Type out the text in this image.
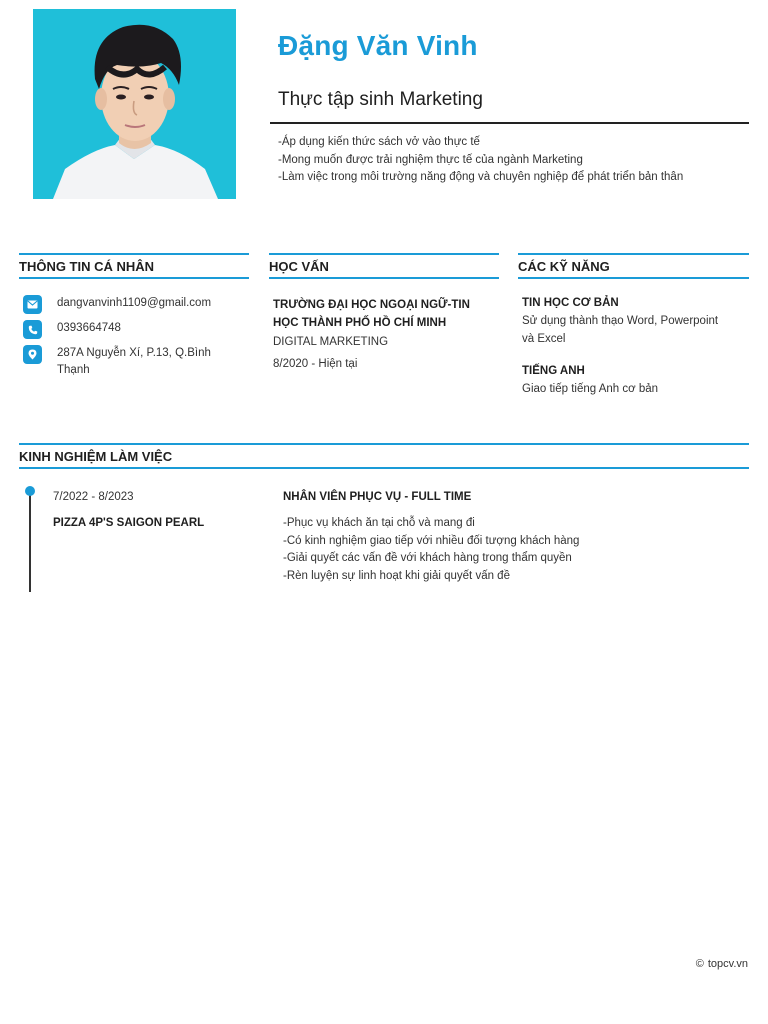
Đặng Văn Vinh
Thực tập sinh Marketing
-Áp dụng kiến thức sách vở vào thực tế
-Mong muốn được trải nghiệm thực tế của ngành Marketing
-Làm việc trong môi trường năng động và chuyên nghiệp để phát triển bản thân
THÔNG TIN CÁ NHÂN	HỌC VẤN	CÁC KỸ NĂNG
KINH NGHIỆM LÀM VIỆC
dangvanvinh1109@gmail.com
0393664748
287A Nguyễn Xí, P.13, Q.Bình Thạnh
TRƯỜNG ĐẠI HỌC NGOẠI NGỮ-TIN HỌC THÀNH PHỐ HỒ CHÍ MINH
DIGITAL MARKETING
8/2020 - Hiện tại
TIN HỌC CƠ BẢN
Sử dụng thành thạo Word, Powerpoint và Excel
TIẾNG ANH
Giao tiếp tiếng Anh cơ bản
7/2022 - 8/2023
PIZZA 4P'S SAIGON PEARL
NHÂN VIÊN PHỤC VỤ - FULL TIME
-Phục vụ khách ăn tại chỗ và mang đi
-Có kinh nghiệm giao tiếp với nhiều đối tượng khách hàng
-Giải quyết các vấn đề với khách hàng trong thẩm quyền
-Rèn luyện sự linh hoạt khi giải quyết vấn đề
© topcv.vn
